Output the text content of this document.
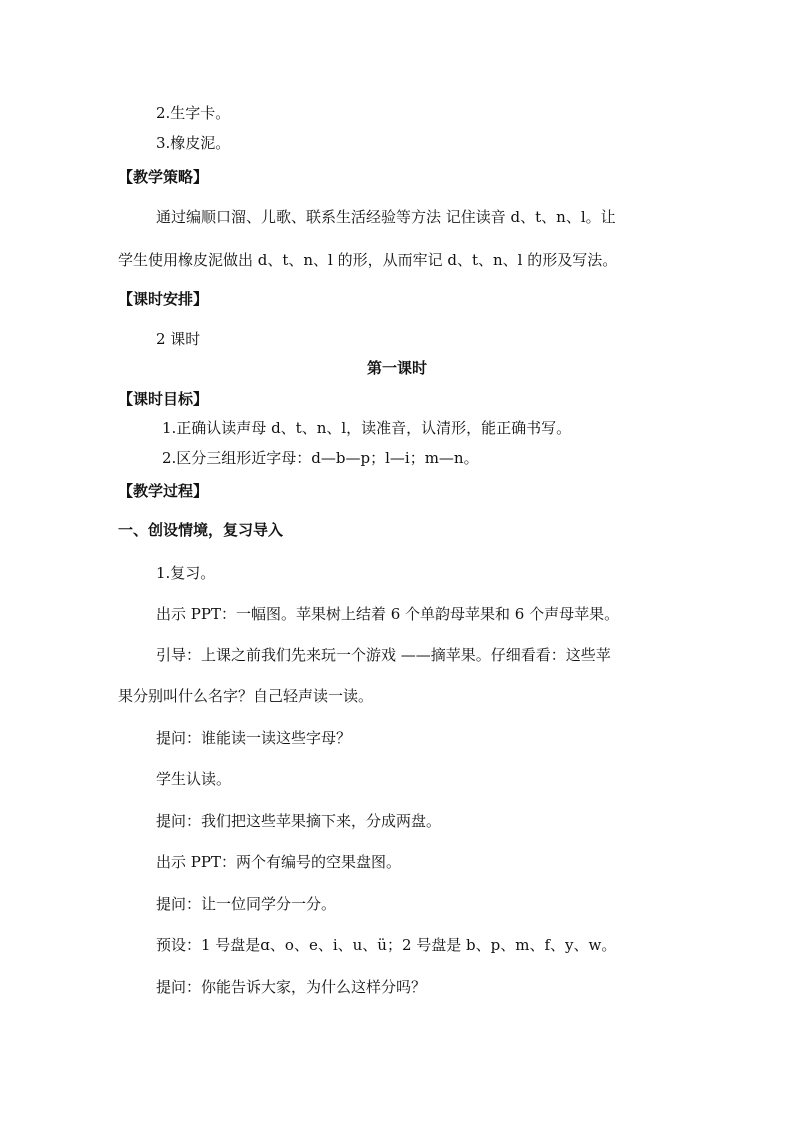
2.生字卡。
3.橡皮泥。
【教学策略】
通过编顺口溜、儿歌、联系生活经验等方法 记住读音 d、t、n、l。让
学生使用橡皮泥做出 d、t、n、l 的形，从而牢记 d、t、n、l 的形及写法。
【课时安排】
2 课时
第一课时
【课时目标】
1.正确认读声母 d、t、n、l，读准音，认清形，能正确书写。
2.区分三组形近字母：d—b—p；l—i；m—n。
【教学过程】
一、创设情境，复习导入
1.复习。
出示 PPT：一幅图。苹果树上结着 6 个单韵母苹果和 6 个声母苹果。
引导：上课之前我们先来玩一个游戏 ——摘苹果。仔细看看：这些苹
果分别叫什么名字？自己轻声读一读。
提问：谁能读一读这些字母？
学生认读。
提问：我们把这些苹果摘下来，分成两盘。
出示 PPT：两个有编号的空果盘图。
提问：让一位同学分一分。
预设：1 号盘是ɑ、o、e、i、u、ü；2 号盘是 b、p、m、f、y、w。
提问：你能告诉大家，为什么这样分吗？
